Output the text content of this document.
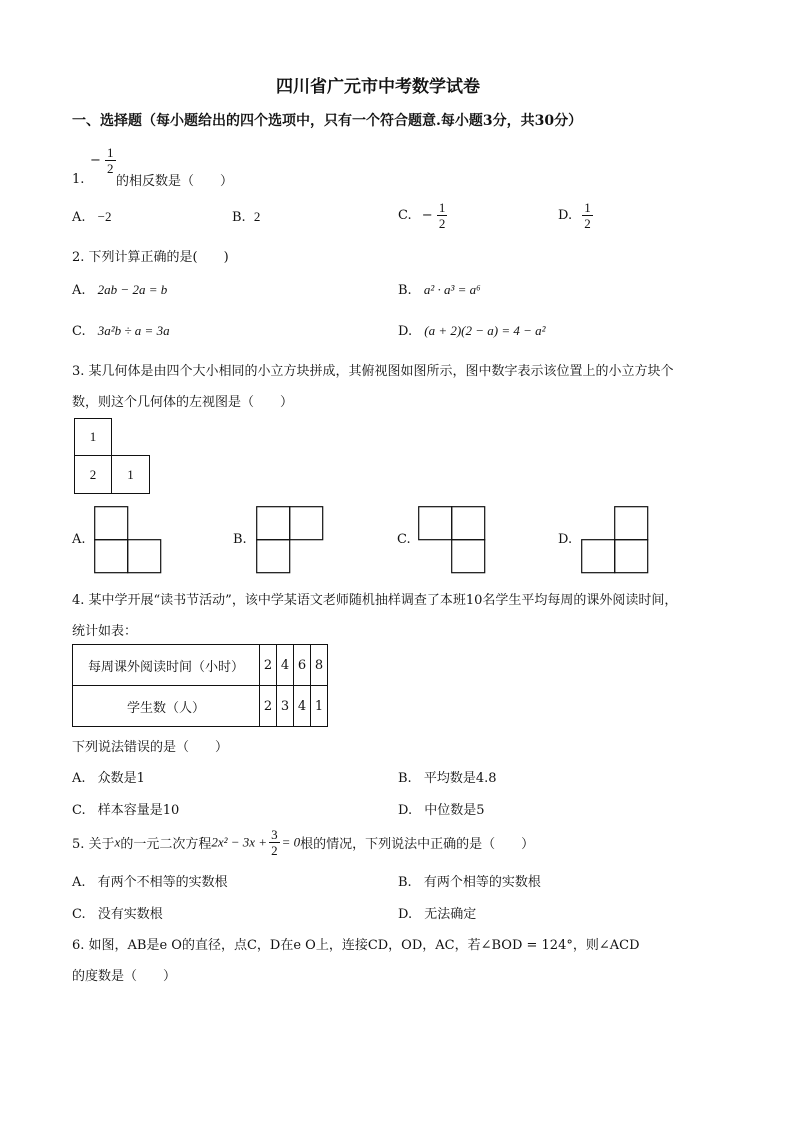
四川省广元市中考数学试卷
一、选择题（每小题给出的四个选项中，只有一个符合题意.每小题3分，共30分）
− $\frac{1}{2}$
1. 的相反数是（　　）
A. −2	B. 2	C. − $\frac{1}{2}$	D. $\frac{1}{2}$
2. 下列计算正确的是(　　)
A. 2ab − 2a = b	B. a² · a³ = a⁶
C. 3a²b ÷ a = 3a	D. (a + 2)(2 − a) = 4 − a²
3. 某几何体是由四个大小相同的小立方块拼成，其俯视图如图所示，图中数字表示该位置上的小立方块个
数，则这个几何体的左视图是（　　）
1
2	1
A.	B.	C.	D.
4. 某中学开展“读书节活动”，该中学某语文老师随机抽样调查了本班10名学生平均每周的课外阅读时间，
统计如表：
每周课外阅读时间（小时）	2	4	6	8
学生数（人）	2	3	4	1
下列说法错误的是（　　）
A. 众数是1	B. 平均数是4.8
C. 样本容量是10	D. 中位数是5
5. 关于x的一元二次方程$2x^2 - 3x + \frac{3}{2} = 0$根的情况，下列说法中正确的是（　　）
A. 有两个不相等的实数根	B. 有两个相等的实数根
C. 没有实数根	D. 无法确定
6. 如图，AB是e O的直径，点C，D在e O上，连接CD，OD，AC，若∠BOD = 124°，则∠ACD
的度数是（　　）
